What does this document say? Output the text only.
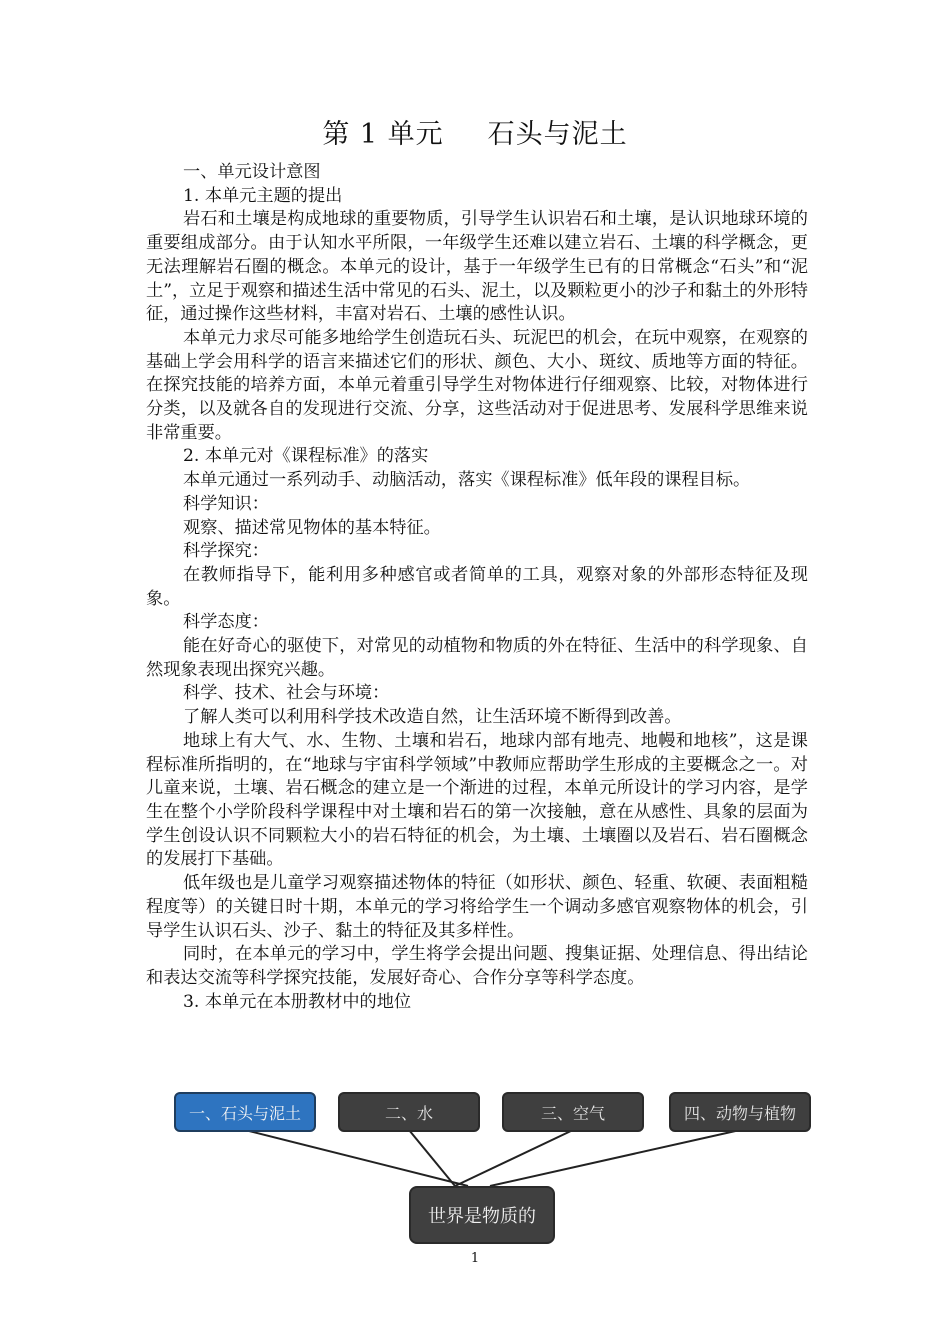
第 1 单元 石头与泥土

一、单元设计意图

1. 本单元主题的提出

岩石和土壤是构成地球的重要物质，引导学生认识岩石和土壤，是认识地球环境的重要组成部分。由于认知水平所限，一年级学生还难以建立岩石、土壤的科学概念，更无法理解岩石圈的概念。本单元的设计，基于一年级学生已有的日常概念“石头”和“泥土”，立足于观察和描述生活中常见的石头、泥土，以及颗粒更小的沙子和黏土的外形特征，通过操作这些材料，丰富对岩石、土壤的感性认识。

本单元力求尽可能多地给学生创造玩石头、玩泥巴的机会，在玩中观察，在观察的基础上学会用科学的语言来描述它们的形状、颜色、大小、斑纹、质地等方面的特征。在探究技能的培养方面，本单元着重引导学生对物体进行仔细观察、比较，对物体进行分类，以及就各自的发现进行交流、分享，这些活动对于促进思考、发展科学思维来说非常重要。

2. 本单元对《课程标准》的落实

本单元通过一系列动手、动脑活动，落实《课程标准》低年段的课程目标。

科学知识：

观察、描述常见物体的基本特征。

科学探究：

在教师指导下，能利用多种感官或者简单的工具，观察对象的外部形态特征及现象。

科学态度：

能在好奇心的驱使下，对常见的动植物和物质的外在特征、生活中的科学现象、自然现象表现出探究兴趣。

科学、技术、社会与环境：

了解人类可以利用科学技术改造自然，让生活环境不断得到改善。

地球上有大气、水、生物、土壤和岩石，地球内部有地壳、地幔和地核”，这是课程标准所指明的，在“地球与宇宙科学领域”中教师应帮助学生形成的主要概念之一。对儿童来说，土壤、岩石概念的建立是一个渐进的过程，本单元所设计的学习内容，是学生在整个小学阶段科学课程中对土壤和岩石的第一次接触，意在从感性、具象的层面为学生创设认识不同颗粒大小的岩石特征的机会，为土壤、土壤圈以及岩石、岩石圈概念的发展打下基础。

低年级也是儿童学习观察描述物体的特征（如形状、颜色、轻重、软硬、表面粗糙程度等）的关键日时十期，本单元的学习将给学生一个调动多感官观察物体的机会，引导学生认识石头、沙子、黏土的特征及其多样性。

同时，在本单元的学习中，学生将学会提出问题、搜集证据、处理信息、得出结论和表达交流等科学探究技能，发展好奇心、合作分享等科学态度。

3. 本单元在本册教材中的地位

一、石头与泥土	二、水	三、空气	四、动物与植物
世界是物质的
1
